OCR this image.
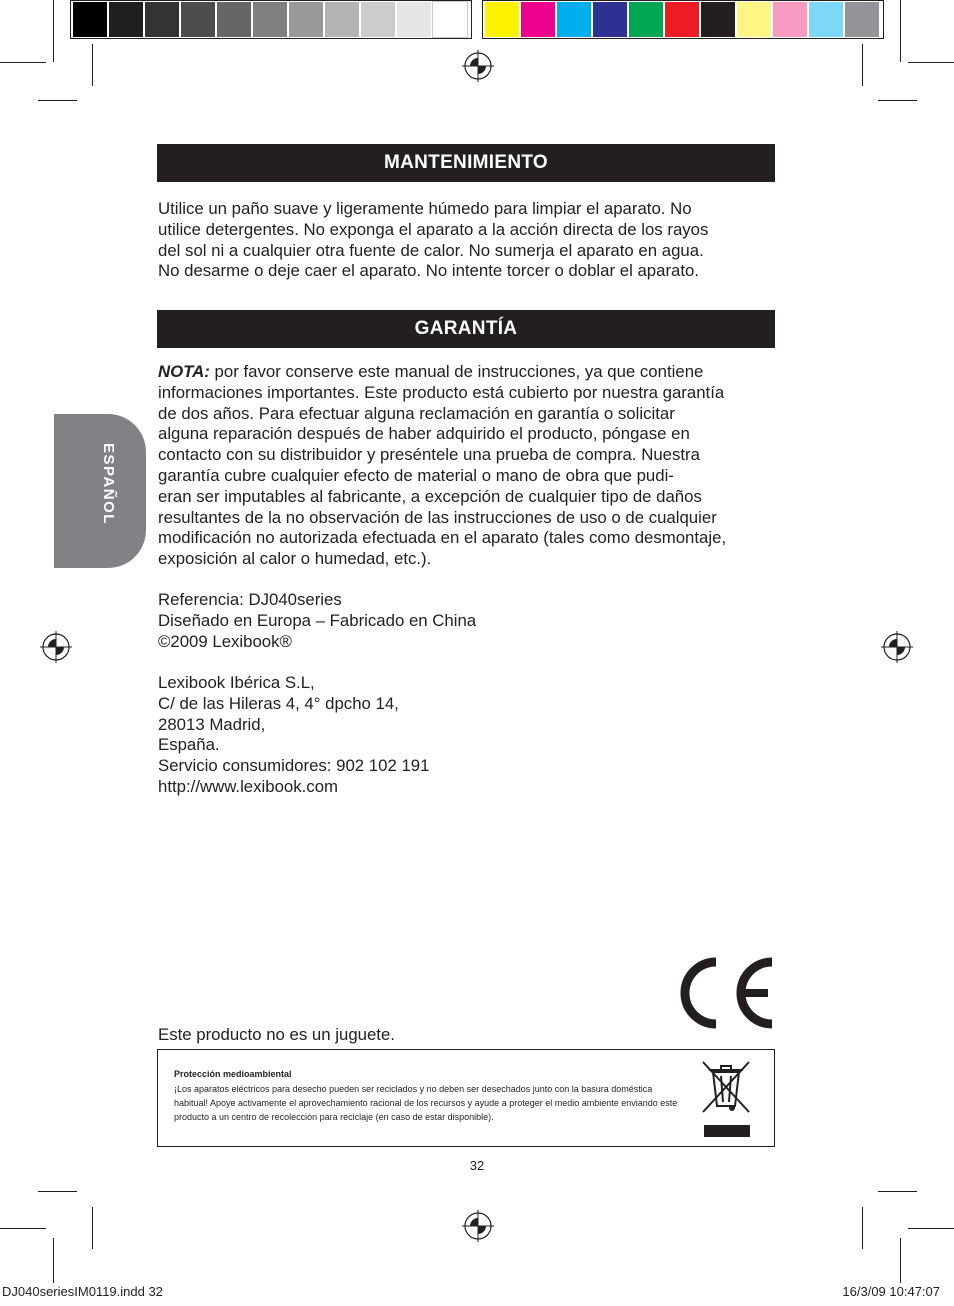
ESPAÑOL
MANTENIMIENTO
Utilice un paño suave y ligeramente húmedo para limpiar el aparato. No
utilice detergentes. No exponga el aparato a la acción directa de los rayos
del sol ni a cualquier otra fuente de calor. No sumerja el aparato en agua.
No desarme o deje caer el aparato. No intente torcer o doblar el aparato.
GARANTÍA
NOTA: por favor conserve este manual de instrucciones, ya que contiene
informaciones importantes. Este producto está cubierto por nuestra garantía
de dos años. Para efectuar alguna reclamación en garantía o solicitar
alguna reparación después de haber adquirido el producto, póngase en
contacto con su distribuidor y preséntele una prueba de compra. Nuestra
garantía cubre cualquier efecto de material o mano de obra que pudi-
eran ser imputables al fabricante, a excepción de cualquier tipo de daños
resultantes de la no observación de las instrucciones de uso o de cualquier
modificación no autorizada efectuada en el aparato (tales como desmontaje,
exposición al calor o humedad, etc.).
Referencia: DJ040series
Diseñado en Europa – Fabricado en China
©2009 Lexibook®
Lexibook Ibérica S.L,
C/ de las Hileras 4, 4° dpcho 14,
28013 Madrid,
España.
Servicio consumidores: 902 102 191
http://www.lexibook.com
Este producto no es un juguete.
Protección medioambiental
¡Los aparatos eléctricos para desecho pueden ser reciclados y no deben ser desechados junto con la basura doméstica habitual! Apoye activamente el aprovechamiento racional de los recursos y ayude a proteger el medio ambiente enviando este producto a un centro de recolección para reciclaje (en caso de estar disponible).
32
DJ040seriesIM0119.indd 32	16/3/09 10:47:07
